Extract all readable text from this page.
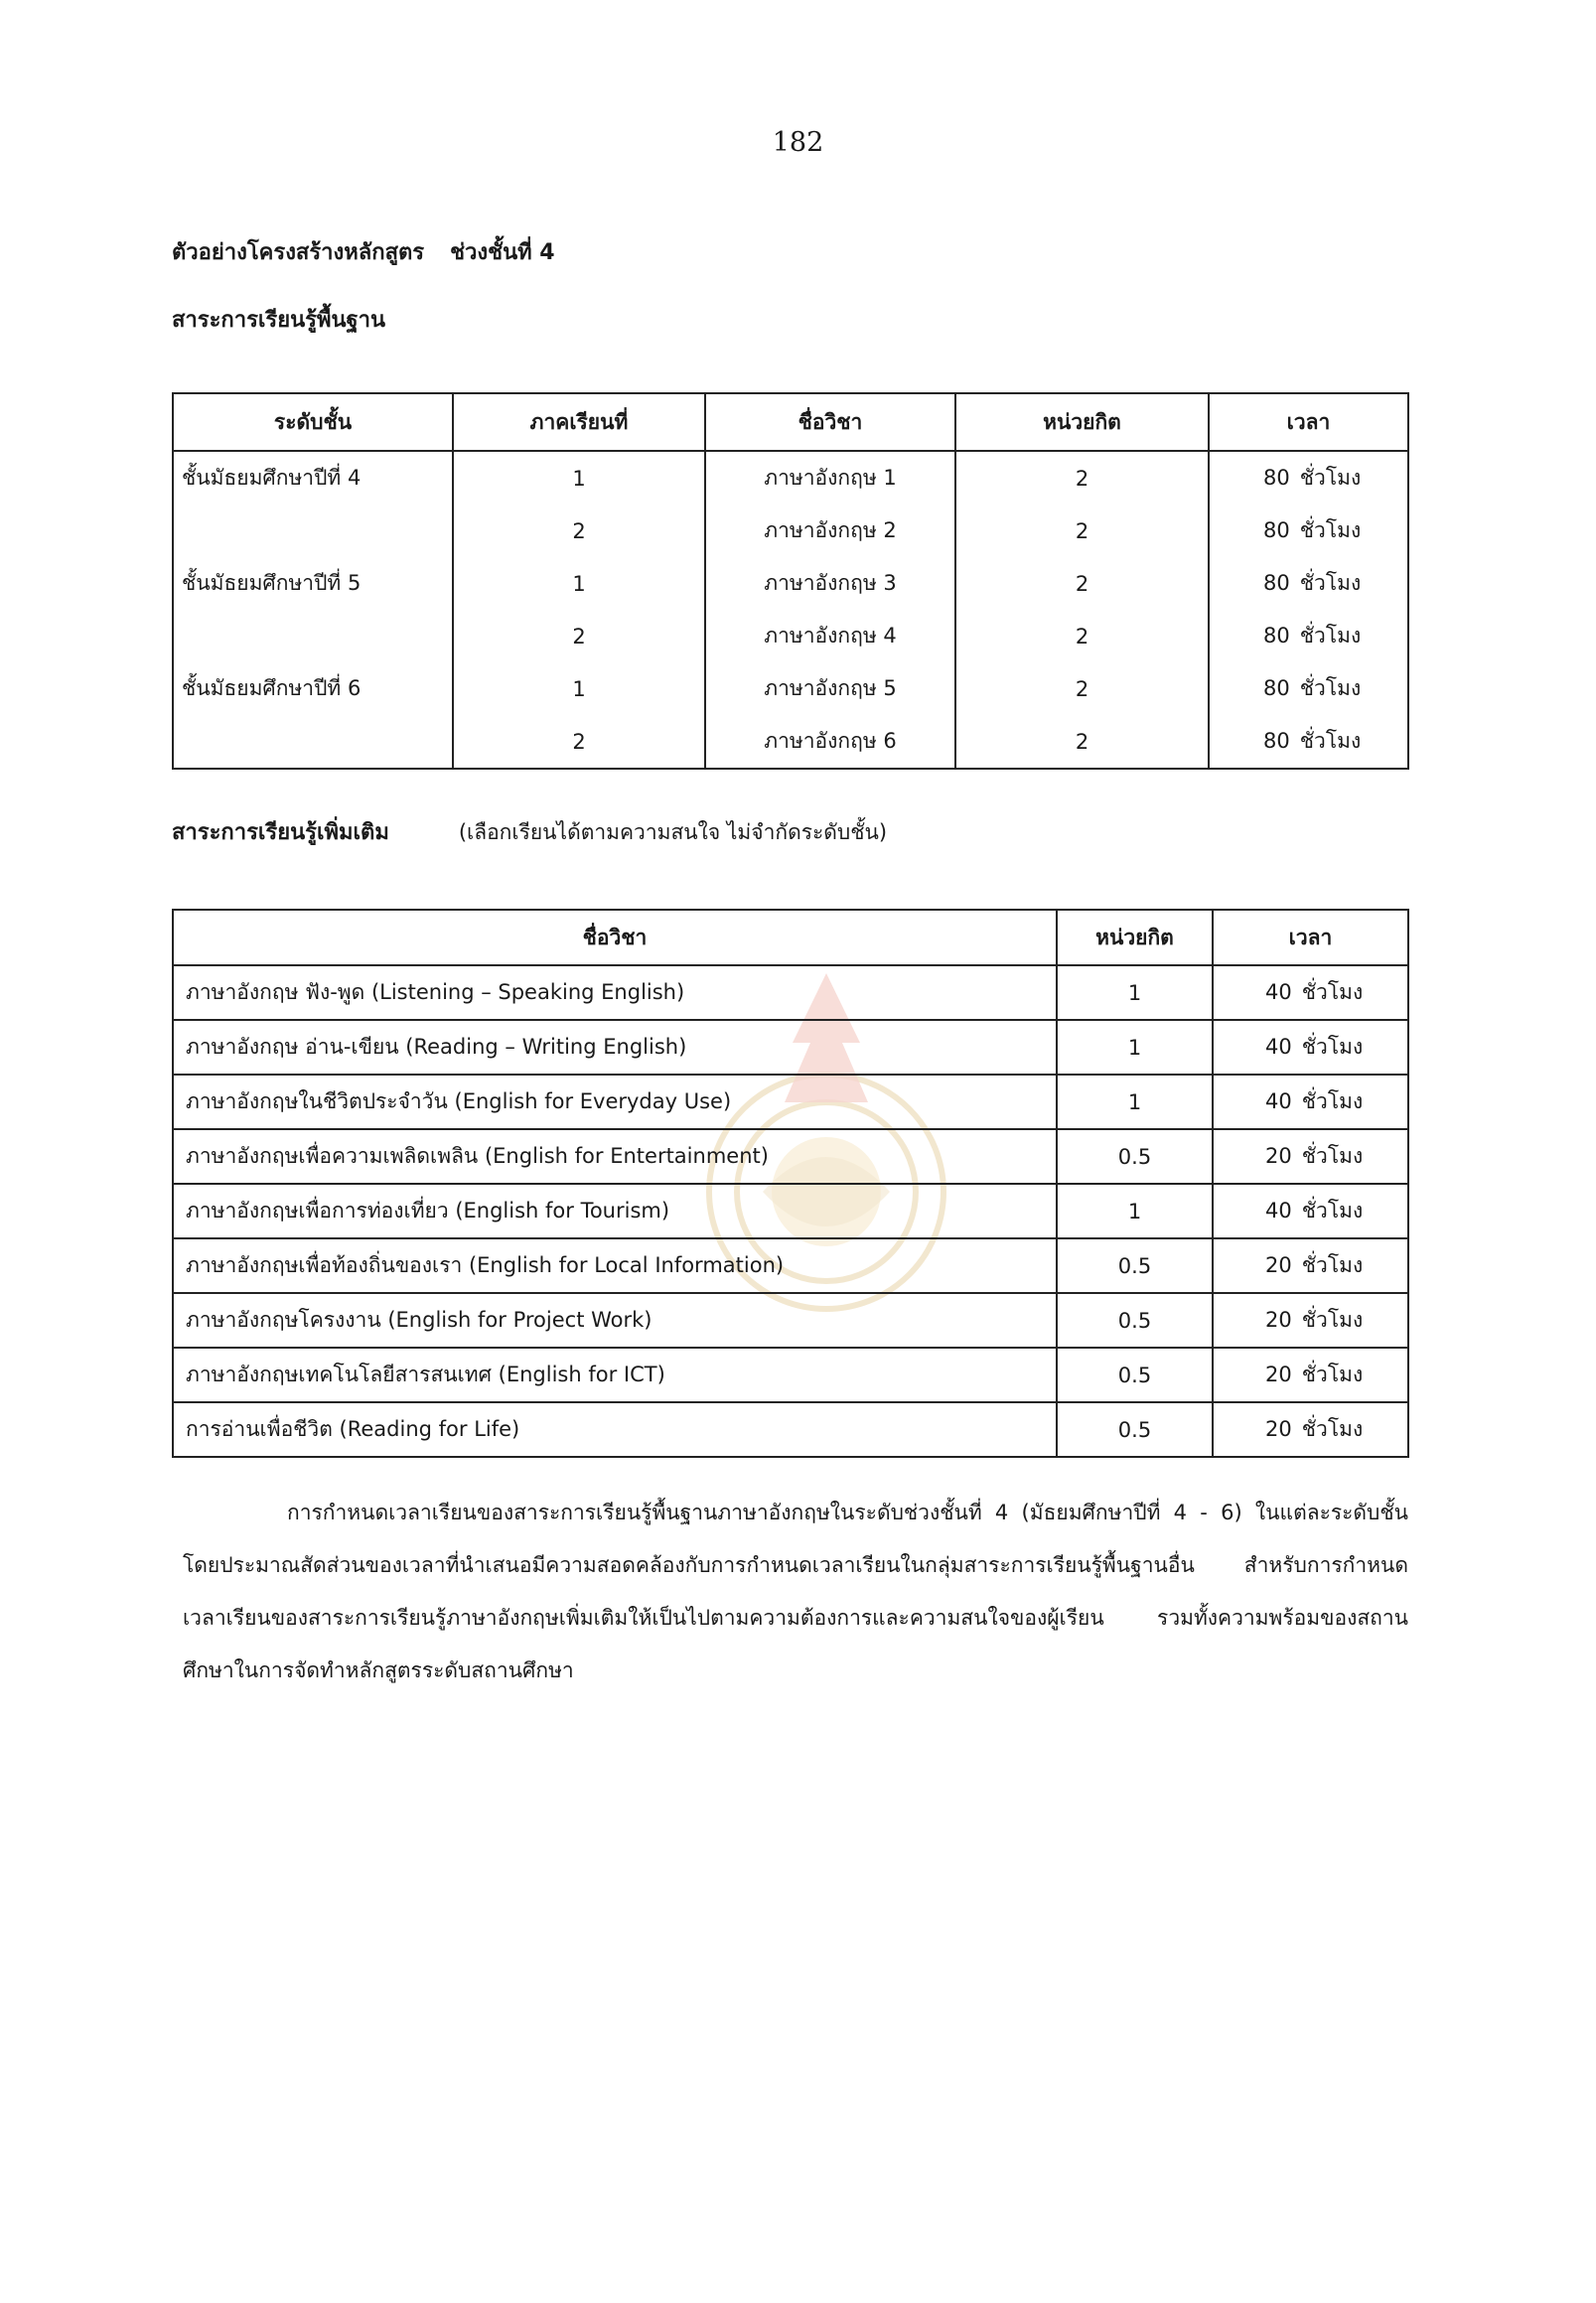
182
ตัวอย่างโครงสร้างหลักสูตร ช่วงชั้นที่ 4
สาระการเรียนรู้พื้นฐาน
ระดับชั้น	ภาคเรียนที่	ชื่อวิชา	หน่วยกิต	เวลา
ชั้นมัธยมศึกษาปีที่ 4	1	ภาษาอังกฤษ 1	2	80 ชั่วโมง
	2	ภาษาอังกฤษ 2	2	80 ชั่วโมง
ชั้นมัธยมศึกษาปีที่ 5	1	ภาษาอังกฤษ 3	2	80 ชั่วโมง
	2	ภาษาอังกฤษ 4	2	80 ชั่วโมง
ชั้นมัธยมศึกษาปีที่ 6	1	ภาษาอังกฤษ 5	2	80 ชั่วโมง
	2	ภาษาอังกฤษ 6	2	80 ชั่วโมง
สาระการเรียนรู้เพิ่มเติม	(เลือกเรียนได้ตามความสนใจ ไม่จำกัดระดับชั้น)
ชื่อวิชา	หน่วยกิต	เวลา
ภาษาอังกฤษ ฟัง-พูด (Listening – Speaking English)	1	40 ชั่วโมง
ภาษาอังกฤษ อ่าน-เขียน (Reading – Writing English)	1	40 ชั่วโมง
ภาษาอังกฤษในชีวิตประจำวัน (English for Everyday Use)	1	40 ชั่วโมง
ภาษาอังกฤษเพื่อความเพลิดเพลิน (English for Entertainment)	0.5	20 ชั่วโมง
ภาษาอังกฤษเพื่อการท่องเที่ยว (English for Tourism)	1	40 ชั่วโมง
ภาษาอังกฤษเพื่อท้องถิ่นของเรา (English for Local Information)	0.5	20 ชั่วโมง
ภาษาอังกฤษโครงงาน (English for Project Work)	0.5	20 ชั่วโมง
ภาษาอังกฤษเทคโนโลยีสารสนเทศ (English for ICT)	0.5	20 ชั่วโมง
การอ่านเพื่อชีวิต (Reading for Life)	0.5	20 ชั่วโมง
การกำหนดเวลาเรียนของสาระการเรียนรู้พื้นฐานภาษาอังกฤษในระดับช่วงชั้นที่ 4 (มัธยมศึกษาปีที่ 4 - 6) ในแต่ละระดับชั้น โดยประมาณสัดส่วนของเวลาที่นำเสนอมีความสอดคล้องกับการกำหนดเวลาเรียนในกลุ่มสาระการเรียนรู้พื้นฐานอื่น สำหรับการกำหนดเวลาเรียนของสาระการเรียนรู้ภาษาอังกฤษเพิ่มเติมให้เป็นไปตามความต้องการและความสนใจของผู้เรียน รวมทั้งความพร้อมของสถานศึกษาในการจัดทำหลักสูตรระดับสถานศึกษา
